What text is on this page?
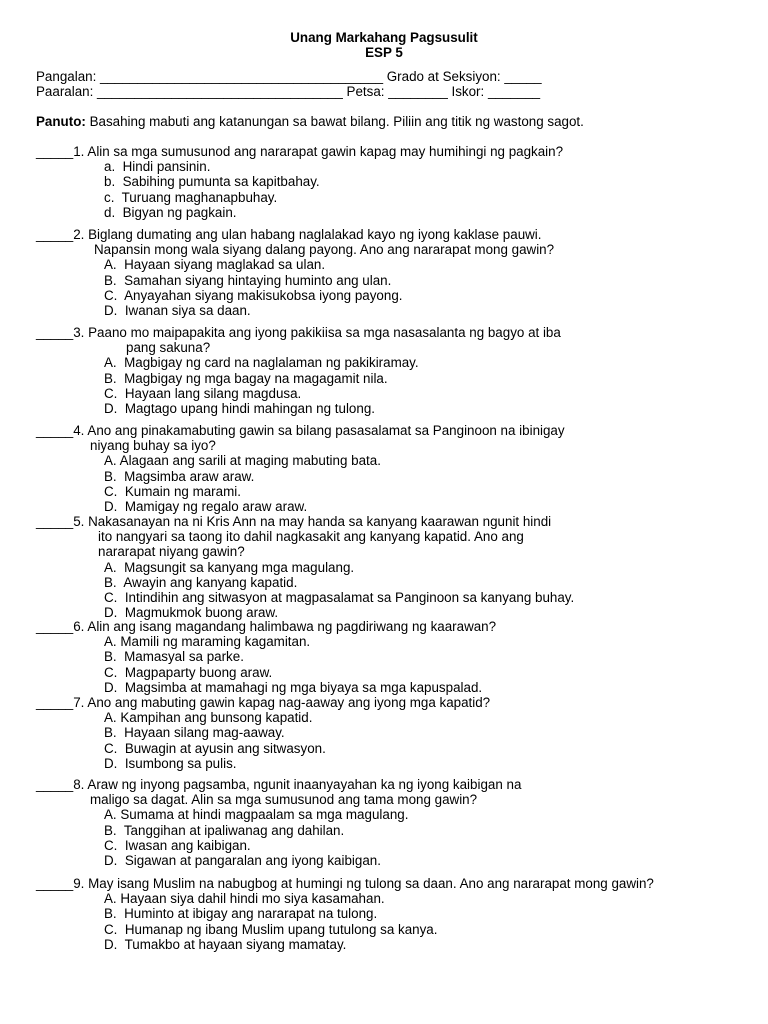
Unang Markahang Pagsusulit
ESP 5
Pangalan: ______________________________________ Grado at Seksiyon: _____
Paaralan: _________________________________ Petsa: ________ Iskor: _______
Panuto: Basahing mabuti ang katanungan sa bawat bilang. Piliin ang titik ng wastong sagot.
_____1. Alin sa mga sumusunod ang nararapat gawin kapag may humihingi ng pagkain?
a.  Hindi pansinin.
b.  Sabihing pumunta sa kapitbahay.
c.  Turuang maghanapbuhay.
d.  Bigyan ng pagkain.
_____2. Biglang dumating ang ulan habang naglalakad kayo ng iyong kaklase pauwi.
Napansin mong wala siyang dalang payong. Ano ang nararapat mong gawin?
A.  Hayaan siyang maglakad sa ulan.
B.  Samahan siyang hintaying huminto ang ulan.
C.  Anyayahan siyang makisukobsa iyong payong.
D.  Iwanan siya sa daan.
_____3. Paano mo maipapakita ang iyong pakikiisa sa mga nasasalanta ng bagyo at iba
pang sakuna?
A.  Magbigay ng card na naglalaman ng pakikiramay.
B.  Magbigay ng mga bagay na magagamit nila.
C.  Hayaan lang silang magdusa.
D.  Magtago upang hindi mahingan ng tulong.
_____4. Ano ang pinakamabuting gawin sa bilang pasasalamat sa Panginoon na ibinigay
niyang buhay sa iyo?
A. Alagaan ang sarili at maging mabuting bata.
B.  Magsimba araw araw.
C.  Kumain ng marami.
D.  Mamigay ng regalo araw araw.
_____5. Nakasanayan na ni Kris Ann na may handa sa kanyang kaarawan ngunit hindi
ito nangyari sa taong ito dahil nagkasakit ang kanyang kapatid. Ano ang
nararapat niyang gawin?
A.  Magsungit sa kanyang mga magulang.
B.  Awayin ang kanyang kapatid.
C.  Intindihin ang sitwasyon at magpasalamat sa Panginoon sa kanyang buhay.
D.  Magmukmok buong araw.
_____6. Alin ang isang magandang halimbawa ng pagdiriwang ng kaarawan?
A. Mamili ng maraming kagamitan.
B.  Mamasyal sa parke.
C.  Magpaparty buong araw.
D.  Magsimba at mamahagi ng mga biyaya sa mga kapuspalad.
_____7. Ano ang mabuting gawin kapag nag-aaway ang iyong mga kapatid?
A. Kampihan ang bunsong kapatid.
B.  Hayaan silang mag-aaway.
C.  Buwagin at ayusin ang sitwasyon.
D.  Isumbong sa pulis.
_____8. Araw ng inyong pagsamba, ngunit inaanyayahan ka ng iyong kaibigan na
maligo sa dagat. Alin sa mga sumusunod ang tama mong gawin?
A. Sumama at hindi magpaalam sa mga magulang.
B.  Tanggihan at ipaliwanag ang dahilan.
C.  Iwasan ang kaibigan.
D.  Sigawan at pangaralan ang iyong kaibigan.
_____9. May isang Muslim na nabugbog at humingi ng tulong sa daan. Ano ang nararapat mong gawin?
A. Hayaan siya dahil hindi mo siya kasamahan.
B.  Huminto at ibigay ang nararapat na tulong.
C.  Humanap ng ibang Muslim upang tutulong sa kanya.
D.  Tumakbo at hayaan siyang mamatay.
